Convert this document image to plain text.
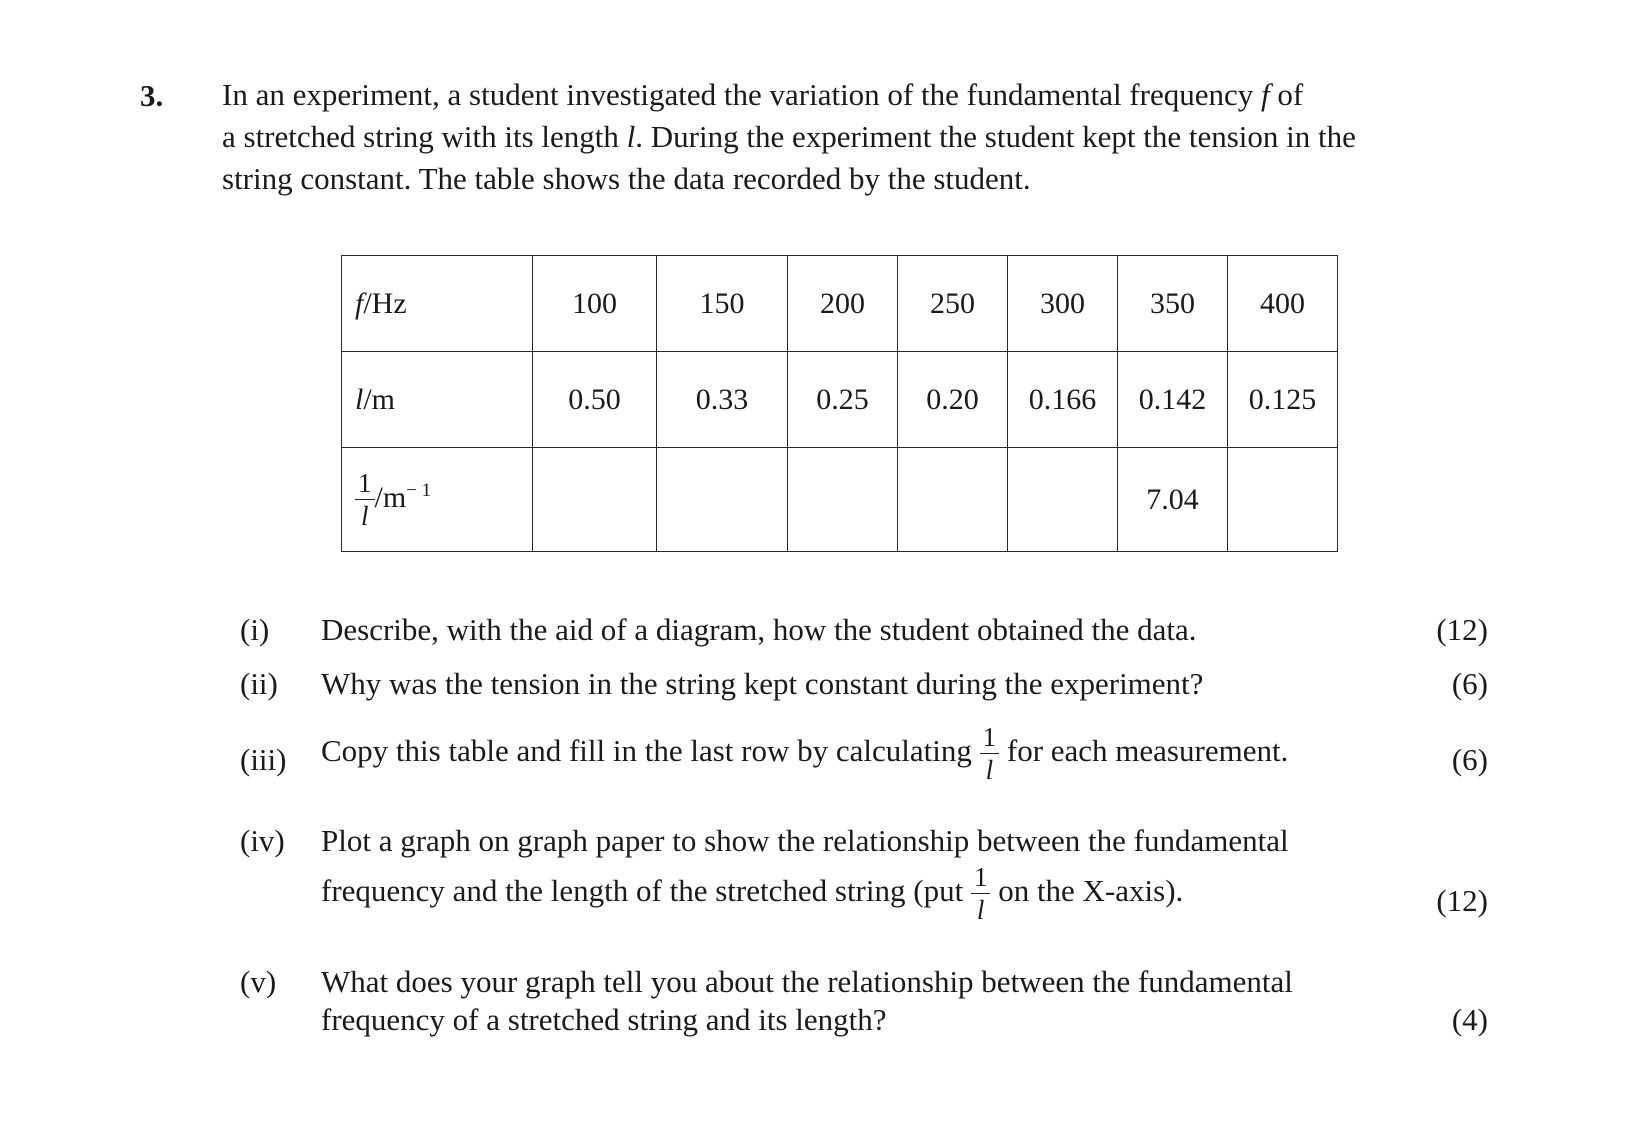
3. In an experiment, a student investigated the variation of the fundamental frequency f of
a stretched string with its length l. During the experiment the student kept the tension in the
string constant. The table shows the data recorded by the student.
f/Hz	100	150	200	250	300	350	400
l/m	0.50	0.33	0.25	0.20	0.166	0.142	0.125

$\frac{1}{l} /m^{- 1}$						7.04	
(i) Describe, with the aid of a diagram, how the student obtained the data.	(12)
(ii) Why was the tension in the string kept constant during the experiment?	(6)
(iii) Copy this table and fill in the last row by calculating $\frac{1}{l}$ for each measurement.	(6)
(iv) Plot a graph on graph paper to show the relationship between the fundamental
frequency and the length of the stretched string ($put \frac{1}{l}$ on the X-axis).	(12)
(v) What does your graph tell you about the relationship between the fundamental
frequency of a stretched string and its length?	(4)
